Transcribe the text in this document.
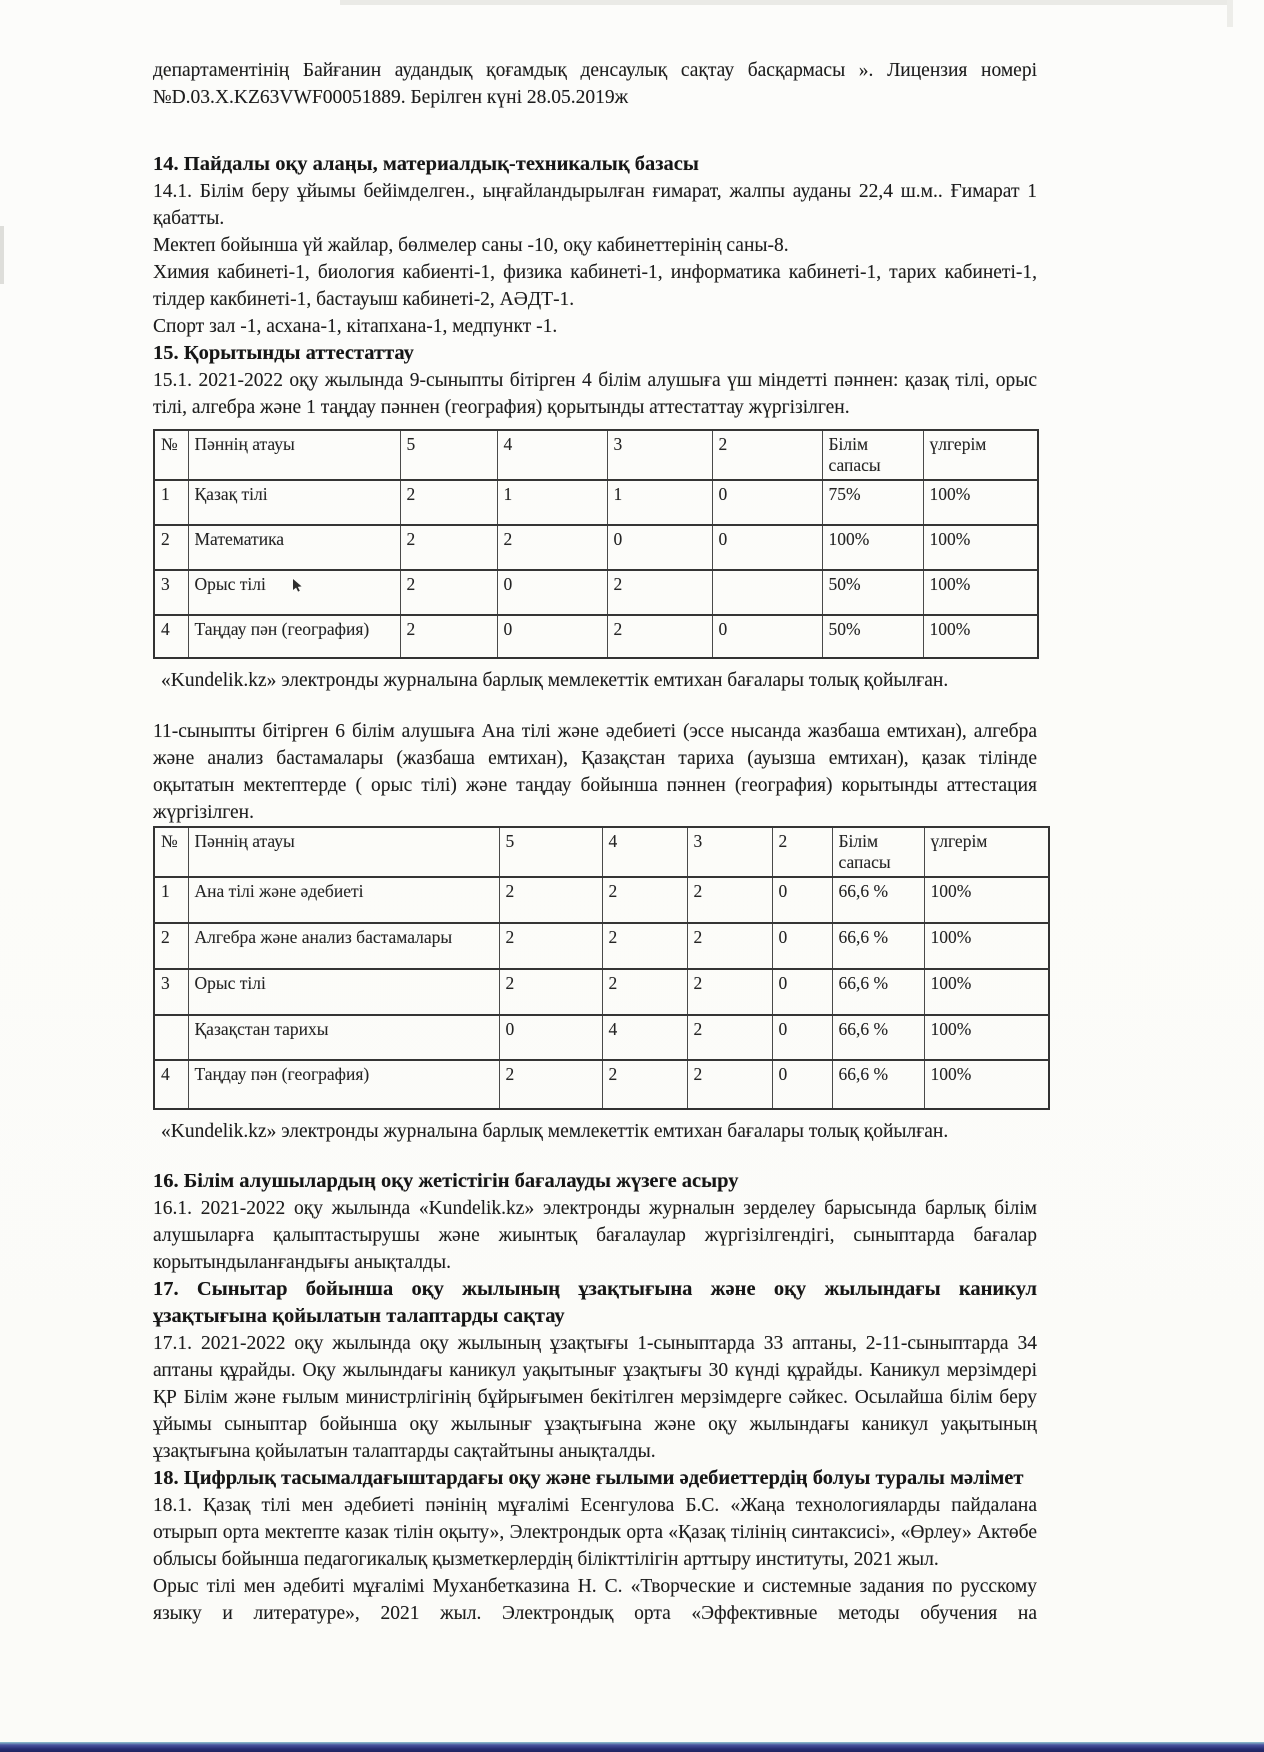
департаментінің Байғанин аудандық қоғамдық денсаулық сақтау басқармасы ». Лицензия номері №D.03.X.KZ63VWF00051889. Берілген күні 28.05.2019ж

14. Пайдалы оқу алаңы, материалдық-техникалық базасы

14.1. Білім беру ұйымы бейімделген., ыңғайландырылған ғимарат, жалпы ауданы 22,4 ш.м.. Ғимарат 1 қабатты.

Мектеп бойынша үй жайлар, бөлмелер саны -10, оқу кабинеттерінің саны-8.

Химия кабинеті-1, биология кабиенті-1, физика кабинеті-1, информатика кабинеті-1, тарих кабинеті-1, тілдер какбинеті-1, бастауыш кабинеті-2, АӘДТ-1.

Спорт зал -1, асхана-1, кітапхана-1, медпункт -1.

15. Қорытынды аттестаттау

15.1. 2021-2022 оқу жылында 9-сыныпты бітірген 4 білім алушыға үш міндетті пәннен: қазақ тілі, орыс тілі, алгебра және 1 таңдау пәннен (география) қорытынды аттестаттау жүргізілген.

№	Пәннің атауы	5	4	3	2	Білім сапасы	үлгерім
1	Қазақ тілі	2	1	1	0	75%	100%
2	Математика	2	2	0	0	100%	100%
3	Орыс тілі	2	0	2		50%	100%
4	Таңдау пән (география)	2	0	2	0	50%	100%

«Kundelik.kz» электронды журналына барлық мемлекеттік емтихан бағалары толық қойылған.

11-сыныпты бітірген 6 білім алушыға Ана тілі және әдебиеті (эссе нысанда жазбаша емтихан), алгебра және анализ бастамалары (жазбаша емтихан), Қазақстан тариха (ауызша емтихан), қазак тілінде оқытатын мектептерде ( орыс тілі) және таңдау бойынша пәннен (география) корытынды аттестация жүргізілген.

№	Пәннің атауы	5	4	3	2	Білім сапасы	үлгерім
1	Ана тілі және әдебиеті	2	2	2	0	66,6 %	100%
2	Алгебра және анализ бастамалары	2	2	2	0	66,6 %	100%
3	Орыс тілі	2	2	2	0	66,6 %	100%
	Қазақстан тарихы	0	4	2	0	66,6 %	100%
4	Таңдау пән (география)	2	2	2	0	66,6 %	100%

«Kundelik.kz» электронды журналына барлық мемлекеттік емтихан бағалары толық қойылған.

16. Білім алушылардың оқу жетістігін бағалауды жүзеге асыру

16.1. 2021-2022 оқу жылында «Kundelik.kz» электронды журналын зерделеу барысында барлық білім алушыларға қалыптастырушы және жиынтық бағалаулар жүргізілгендігі, сыныптарда бағалар корытындыланғандығы анықталды.

17. Сынытар бойынша оқу жылының ұзақтығына және оқу жылындағы каникул ұзақтығына қойылатын талаптарды сақтау

17.1. 2021-2022 оқу жылында оқу жылының ұзақтығы 1-сыныптарда 33 аптаны, 2-11-сыныптарда 34 аптаны құрайды. Оқу жылындағы каникул уақытынығ ұзақтығы 30 күнді құрайды. Каникул мерзімдері ҚР Білім және ғылым министрлігінің бұйрығымен бекітілген мерзімдерге сәйкес. Осылайша білім беру ұйымы сыныптар бойынша оқу жылынығ ұзақтығына және оқу жылындағы каникул уақытының ұзақтығына қойылатын талаптарды сақтайтыны анықталды.

18. Цифрлық тасымалдағыштардағы оқу және ғылыми әдебиеттердің болуы туралы мәлімет

18.1. Қазақ тілі мен әдебиеті пәнінің мұғалімі Есенгулова Б.С. «Жаңа технологияларды пайдалана отырып орта мектепте казак тілін оқыту», Электрондык орта «Қазақ тілінің синтаксисі», «Өрлеу» Актөбе облысы бойынша педагогикалық қызметкерлердің білікттілігін арттыру институты, 2021 жыл.

Орыс тілі мен әдебиті мұғалімі Муханбетказина Н. С. «Творческие и системные задания по русскому языку и литературе», 2021 жыл. Электрондық орта «Эффективные методы обучения на
